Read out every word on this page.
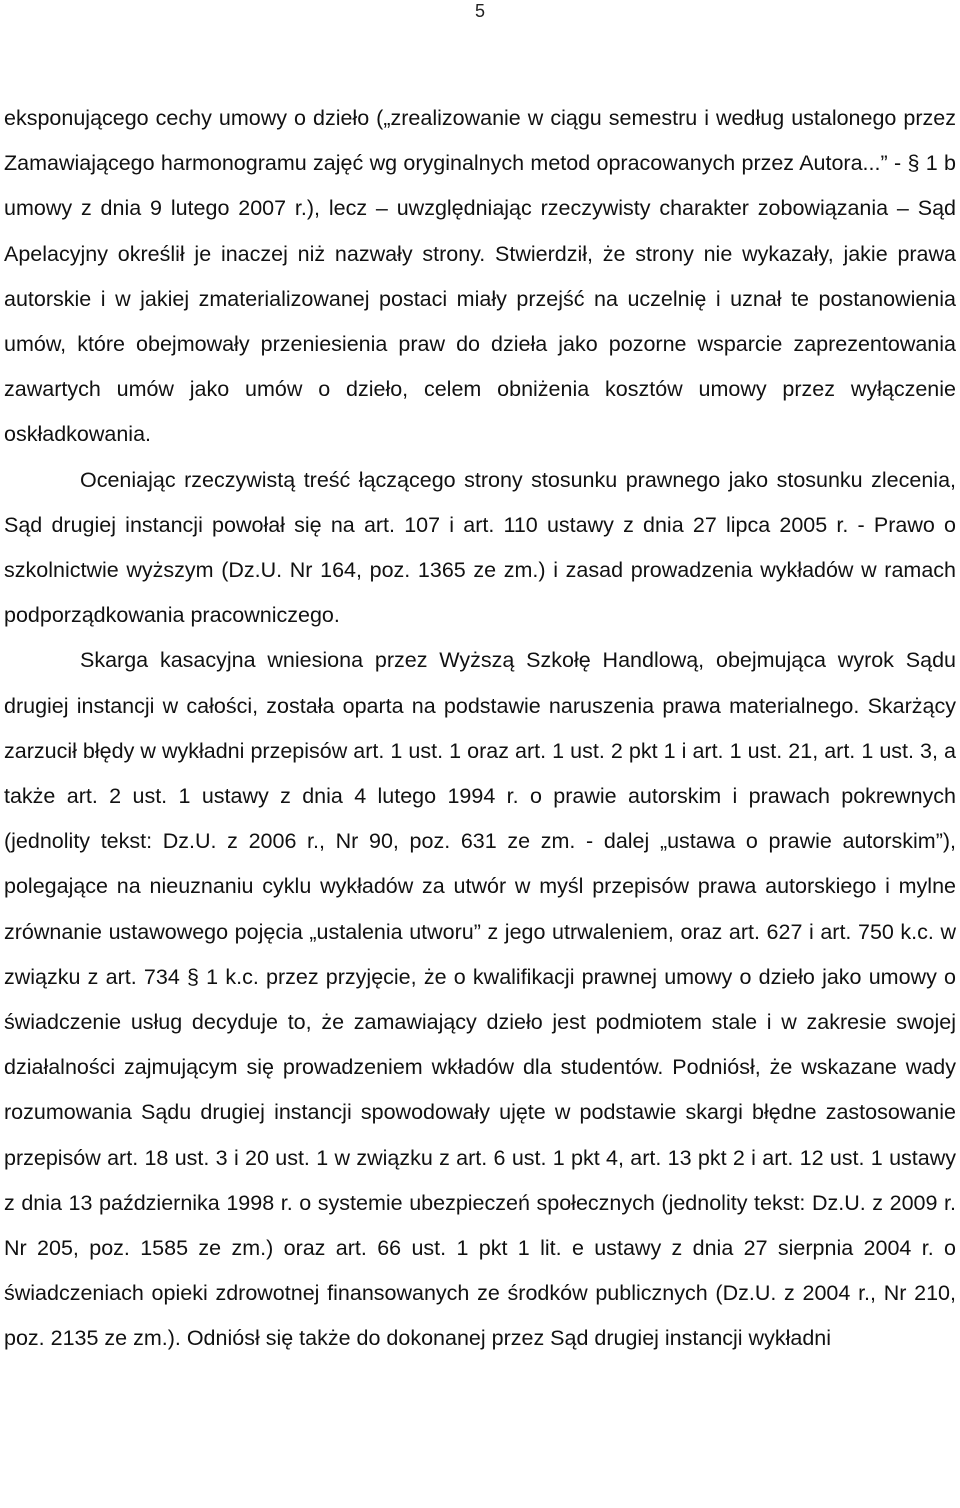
5

eksponującego cechy umowy o dzieło („zrealizowanie w ciągu semestru i według ustalonego przez Zamawiającego harmonogramu zajęć wg oryginalnych metod opracowanych przez Autora...” - § 1 b umowy z dnia 9 lutego 2007 r.), lecz – uwzględniając rzeczywisty charakter zobowiązania – Sąd Apelacyjny określił je inaczej niż nazwały strony. Stwierdził, że strony nie wykazały, jakie prawa autorskie i w jakiej zmaterializowanej postaci miały przejść na uczelnię i uznał te postanowienia umów, które obejmowały przeniesienia praw do dzieła jako pozorne wsparcie zaprezentowania zawartych umów jako umów o dzieło, celem obniżenia kosztów umowy przez wyłączenie oskładkowania.

Oceniając rzeczywistą treść łączącego strony stosunku prawnego jako stosunku zlecenia, Sąd drugiej instancji powołał się na art. 107 i art. 110 ustawy z dnia 27 lipca 2005 r. - Prawo o szkolnictwie wyższym (Dz.U. Nr 164, poz. 1365 ze zm.) i zasad prowadzenia wykładów w ramach podporządkowania pracowniczego.

Skarga kasacyjna wniesiona przez Wyższą Szkołę Handlową, obejmująca wyrok Sądu drugiej instancji w całości, została oparta na podstawie naruszenia prawa materialnego. Skarżący zarzucił błędy w wykładni przepisów art. 1 ust. 1 oraz art. 1 ust. 2 pkt 1 i art. 1 ust. 21, art. 1 ust. 3, a także art. 2 ust. 1 ustawy z dnia 4 lutego 1994 r. o prawie autorskim i prawach pokrewnych (jednolity tekst: Dz.U. z 2006 r., Nr 90, poz. 631 ze zm. - dalej „ustawa o prawie autorskim”), polegające na nieuznaniu cyklu wykładów za utwór w myśl przepisów prawa autorskiego i mylne zrównanie ustawowego pojęcia „ustalenia utworu” z jego utrwaleniem, oraz art. 627 i art. 750 k.c. w związku z art. 734 § 1 k.c. przez przyjęcie, że o kwalifikacji prawnej umowy o dzieło jako umowy o świadczenie usług decyduje to, że zamawiający dzieło jest podmiotem stale i w zakresie swojej działalności zajmującym się prowadzeniem wkładów dla studentów. Podniósł, że wskazane wady rozumowania Sądu drugiej instancji spowodowały ujęte w podstawie skargi błędne zastosowanie przepisów art. 18 ust. 3 i 20 ust. 1 w związku z art. 6 ust. 1 pkt 4, art. 13 pkt 2 i art. 12 ust. 1 ustawy z dnia 13 października 1998 r. o systemie ubezpieczeń społecznych (jednolity tekst: Dz.U. z 2009 r. Nr 205, poz. 1585 ze zm.) oraz art. 66 ust. 1 pkt 1 lit. e ustawy z dnia 27 sierpnia 2004 r. o świadczeniach opieki zdrowotnej finansowanych ze środków publicznych (Dz.U. z 2004 r., Nr 210, poz. 2135 ze zm.). Odniósł się także do dokonanej przez Sąd drugiej instancji wykładni
